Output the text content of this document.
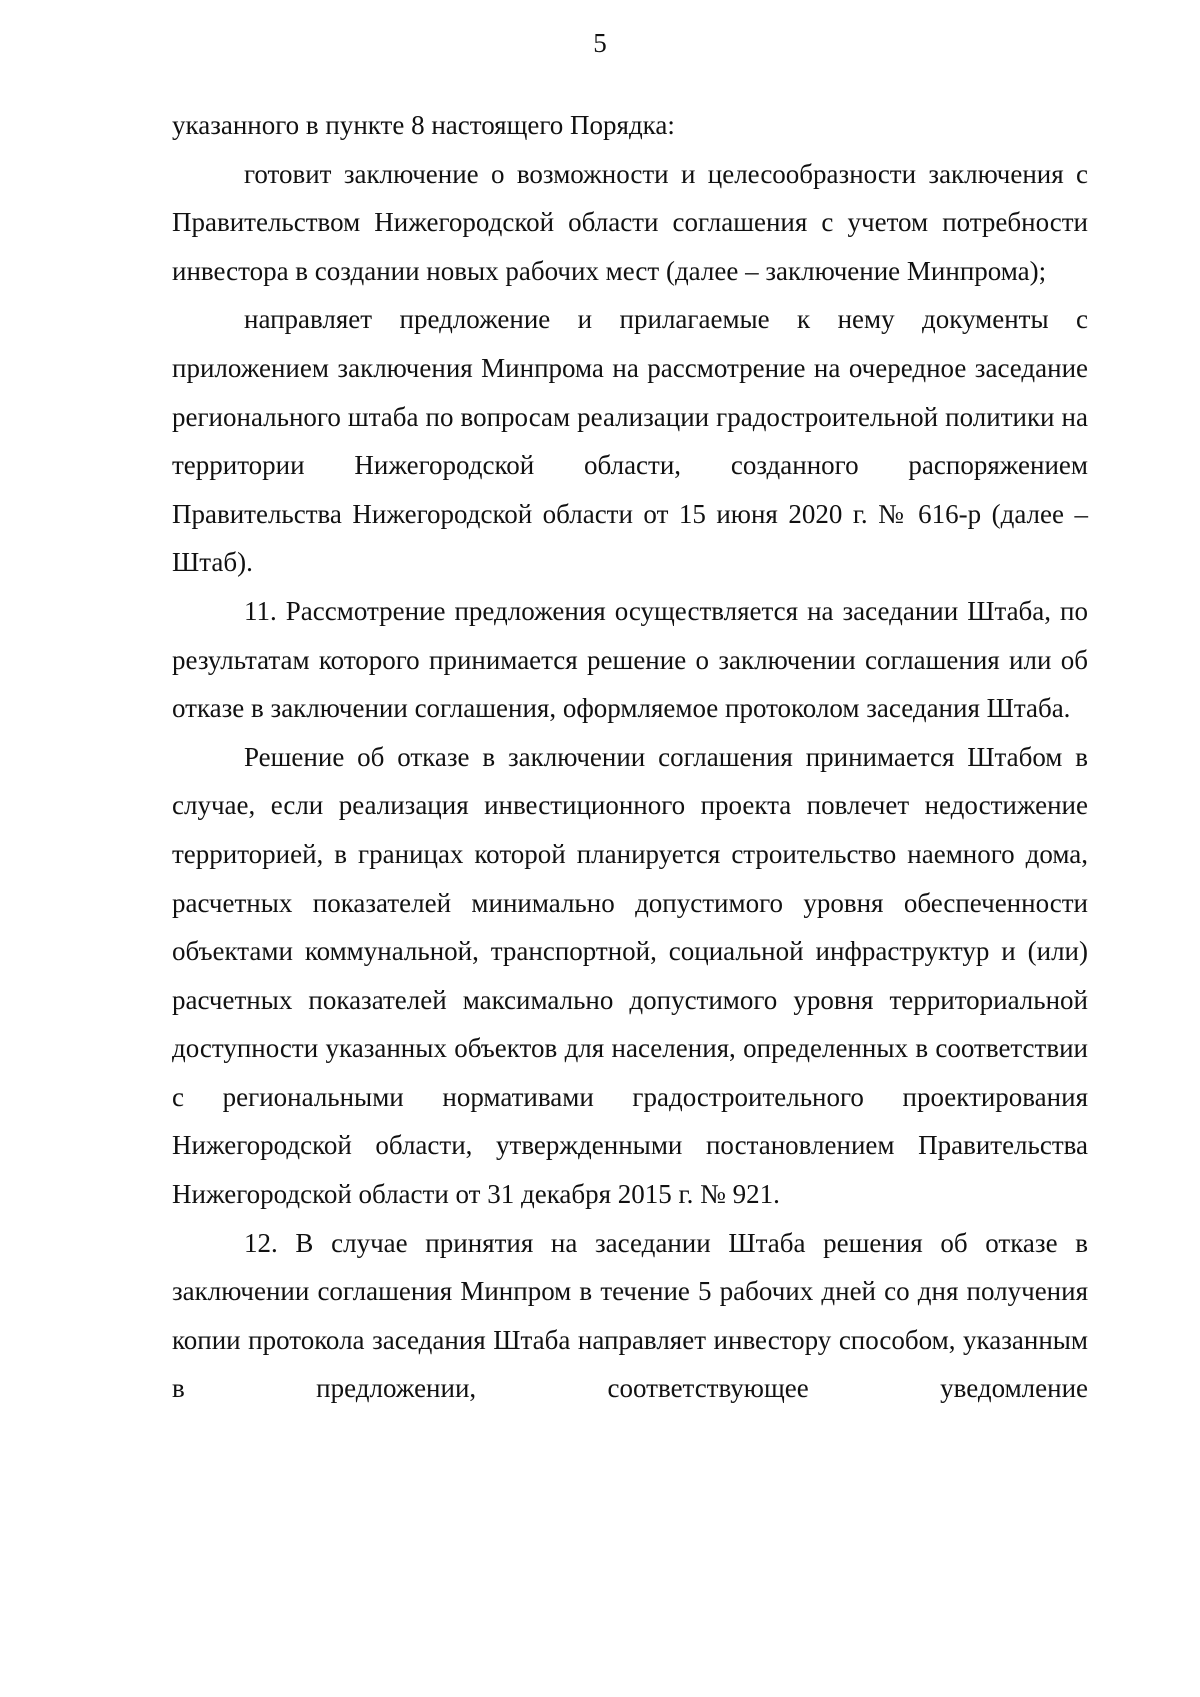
5

указанного в пункте 8 настоящего Порядка:

готовит заключение о возможности и целесообразности заключения с Правительством Нижегородской области соглашения с учетом потребности инвестора в создании новых рабочих мест (далее – заключение Минпрома);

направляет предложение и прилагаемые к нему документы с приложением заключения Минпрома на рассмотрение на очередное заседание регионального штаба по вопросам реализации градостроительной политики на территории Нижегородской области, созданного распоряжением Правительства Нижегородской области от 15 июня 2020 г. № 616-р (далее – Штаб).

11. Рассмотрение предложения осуществляется на заседании Штаба, по результатам которого принимается решение о заключении соглашения или об отказе в заключении соглашения, оформляемое протоколом заседания Штаба.

Решение об отказе в заключении соглашения принимается Штабом в случае, если реализация инвестиционного проекта повлечет недостижение территорией, в границах которой планируется строительство наемного дома, расчетных показателей минимально допустимого уровня обеспеченности объектами коммунальной, транспортной, социальной инфраструктур и (или) расчетных показателей максимально допустимого уровня территориальной доступности указанных объектов для населения, определенных в соответствии с региональными нормативами градостроительного проектирования Нижегородской области, утвержденными постановлением Правительства Нижегородской области от 31 декабря 2015 г. № 921.

12. В случае принятия на заседании Штаба решения об отказе в заключении соглашения Минпром в течение 5 рабочих дней со дня получения копии протокола заседания Штаба направляет инвестору способом, указанным в предложении, соответствующее уведомление
